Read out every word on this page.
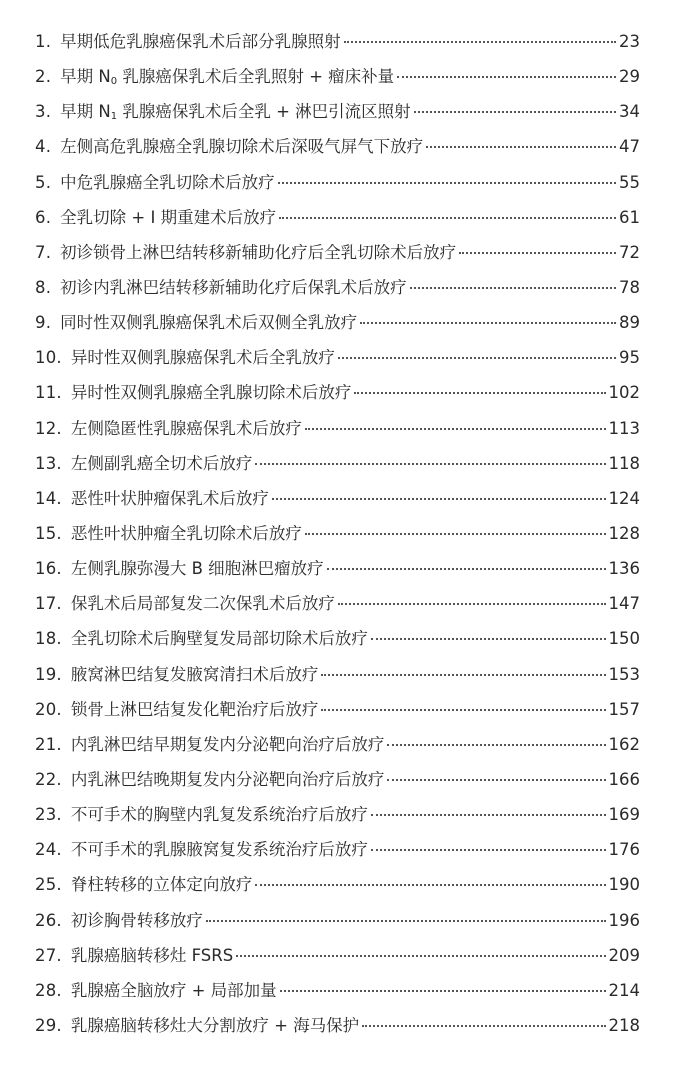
1. 早期低危乳腺癌保乳术后部分乳腺照射	23
2. 早期 $N_0$ 乳腺癌保乳术后全乳照射 + 瘤床补量	29
3. 早期 $N_1$ 乳腺癌保乳术后全乳 + 淋巴引流区照射	34
4. 左侧高危乳腺癌全乳腺切除术后深吸气屏气下放疗	47
5. 中危乳腺癌全乳切除术后放疗	55
6. 全乳切除 + I 期重建术后放疗	61
7. 初诊锁骨上淋巴结转移新辅助化疗后全乳切除术后放疗	72
8. 初诊内乳淋巴结转移新辅助化疗后保乳术后放疗	78
9. 同时性双侧乳腺癌保乳术后双侧全乳放疗	89
10. 异时性双侧乳腺癌保乳术后全乳放疗	95
11. 异时性双侧乳腺癌全乳腺切除术后放疗	102
12. 左侧隐匿性乳腺癌保乳术后放疗	113
13. 左侧副乳癌全切术后放疗	118
14. 恶性叶状肿瘤保乳术后放疗	124
15. 恶性叶状肿瘤全乳切除术后放疗	128
16. 左侧乳腺弥漫大 B 细胞淋巴瘤放疗	136
17. 保乳术后局部复发二次保乳术后放疗	147
18. 全乳切除术后胸壁复发局部切除术后放疗	150
19. 腋窝淋巴结复发腋窝清扫术后放疗	153
20. 锁骨上淋巴结复发化靶治疗后放疗	157
21. 内乳淋巴结早期复发内分泌靶向治疗后放疗	162
22. 内乳淋巴结晚期复发内分泌靶向治疗后放疗	166
23. 不可手术的胸壁内乳复发系统治疗后放疗	169
24. 不可手术的乳腺腋窝复发系统治疗后放疗	176
25. 脊柱转移的立体定向放疗	190
26. 初诊胸骨转移放疗	196
27. 乳腺癌脑转移灶 FSRS	209
28. 乳腺癌全脑放疗 + 局部加量	214
29. 乳腺癌脑转移灶大分割放疗 + 海马保护	218
